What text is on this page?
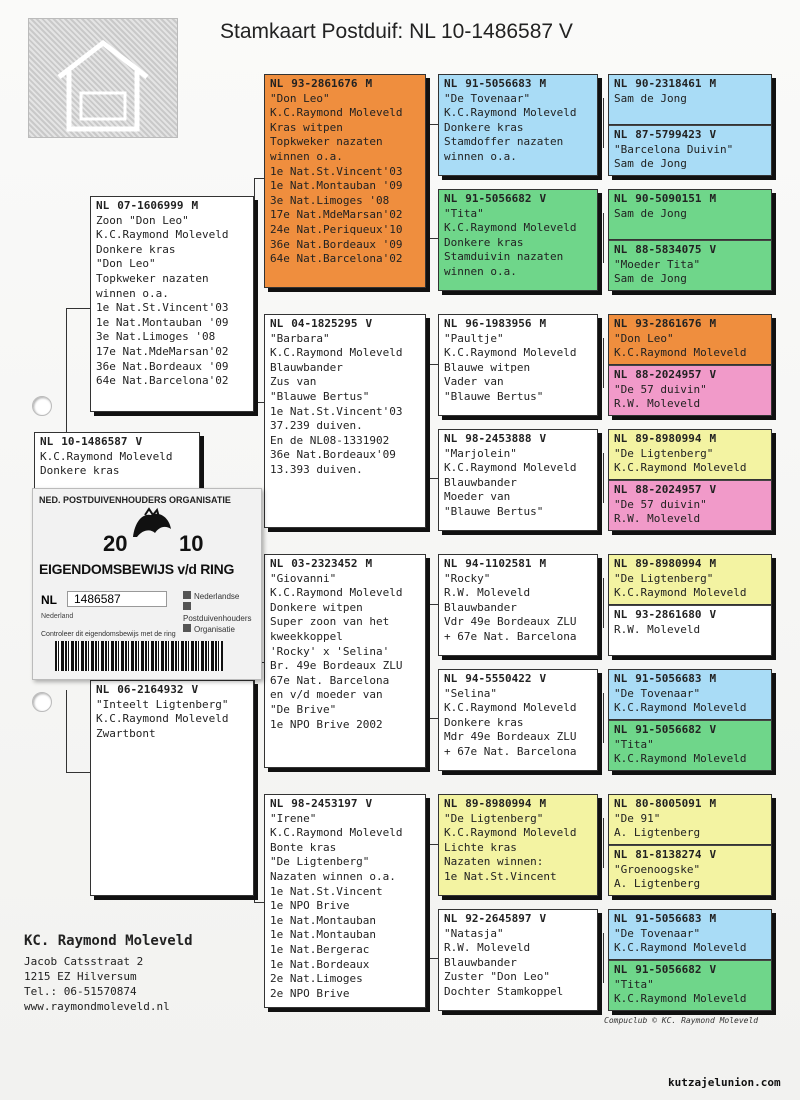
Stamkaart Postduif: NL 10-1486587 V
NL 10-1486587 V
K.C.Raymond Moleveld
Donkere kras
NL 07-1606999 M
Zoon "Don Leo"
K.C.Raymond Moleveld
Donkere kras
"Don Leo"
Topkweker nazaten
winnen o.a.
1e Nat.St.Vincent'03
1e Nat.Montauban '09
3e Nat.Limoges '08
17e Nat.MdeMarsan'02
36e Nat.Bordeaux '09
64e Nat.Barcelona'02
NL 06-2164932 V
"Inteelt Ligtenberg"
K.C.Raymond Moleveld
Zwartbont
NL 93-2861676 M
"Don Leo"
K.C.Raymond Moleveld
Kras witpen
Topkweker nazaten
winnen o.a.
1e Nat.St.Vincent'03
1e Nat.Montauban '09
3e Nat.Limoges '08
17e Nat.MdeMarsan'02
24e Nat.Periqueux'10
36e Nat.Bordeaux '09
64e Nat.Barcelona'02
NL 04-1825295 V
"Barbara"
K.C.Raymond Moleveld
Blauwbander
Zus van
"Blauwe Bertus"
1e Nat.St.Vincent'03
37.239 duiven.
En de NL08-1331902
36e Nat.Bordeaux'09
13.393 duiven.
NL 03-2323452 M
"Giovanni"
K.C.Raymond Moleveld
Donkere witpen
Super zoon van het
kweekkoppel
'Rocky' x 'Selina'
Br. 49e Bordeaux ZLU
67e Nat. Barcelona
en v/d moeder van
"De Brive"
1e NPO Brive 2002
NL 98-2453197 V
"Irene"
K.C.Raymond Moleveld
Bonte kras
"De Ligtenberg"
Nazaten winnen o.a.
1e Nat.St.Vincent
1e NPO Brive
1e Nat.Montauban
1e Nat.Montauban
1e Nat.Bergerac
1e Nat.Bordeaux
2e Nat.Limoges
2e NPO Brive
NL 91-5056683 M
"De Tovenaar"
K.C.Raymond Moleveld
Donkere kras
Stamdoffer nazaten
winnen o.a.
NL 91-5056682 V
"Tita"
K.C.Raymond Moleveld
Donkere kras
Stamduivin nazaten
winnen o.a.
NL 96-1983956 M
"Paultje"
K.C.Raymond Moleveld
Blauwe witpen
Vader van
"Blauwe Bertus"
NL 98-2453888 V
"Marjolein"
K.C.Raymond Moleveld
Blauwbander
Moeder van
"Blauwe Bertus"
NL 94-1102581 M
"Rocky"
R.W. Moleveld
Blauwbander
Vdr 49e Bordeaux ZLU
+ 67e Nat. Barcelona
NL 94-5550422 V
"Selina"
K.C.Raymond Moleveld
Donkere kras
Mdr 49e Bordeaux ZLU
+ 67e Nat. Barcelona
NL 89-8980994 M
"De Ligtenberg"
K.C.Raymond Moleveld
Lichte kras
Nazaten winnen:
1e Nat.St.Vincent
NL 92-2645897 V
"Natasja"
R.W. Moleveld
Blauwbander
Zuster "Don Leo"
Dochter Stamkoppel
NL 90-2318461 M
Sam de Jong
NL 87-5799423 V
"Barcelona Duivin"
Sam de Jong
NL 90-5090151 M
Sam de Jong
NL 88-5834075 V
"Moeder Tita"
Sam de Jong
NL 93-2861676 M
"Don Leo"
K.C.Raymond Moleveld
NL 88-2024957 V
"De 57 duivin"
R.W. Moleveld
NL 89-8980994 M
"De Ligtenberg"
K.C.Raymond Moleveld
NL 88-2024957 V
"De 57 duivin"
R.W. Moleveld
NL 89-8980994 M
"De Ligtenberg"
K.C.Raymond Moleveld
NL 93-2861680 V
R.W. Moleveld
NL 91-5056683 M
"De Tovenaar"
K.C.Raymond Moleveld
NL 91-5056682 V
"Tita"
K.C.Raymond Moleveld
NL 80-8005091 M
"De 91"
A. Ligtenberg
NL 81-8138274 V
"Groenoogske"
A. Ligtenberg
NL 91-5056683 M
"De Tovenaar"
K.C.Raymond Moleveld
NL 91-5056682 V
"Tita"
K.C.Raymond Moleveld
NED. POSTDUIVENHOUDERS ORGANISATIE
20 10
EIGENDOMSBEWIJS v/d RING
NL	1486587
Nederland
Nederlandse
Postduivenhouders
Organisatie
Controleer dit eigendomsbewijs met de ring
KC. Raymond Moleveld
Jacob Catsstraat 2
1215 EZ Hilversum
Tel.: 06-51570874
www.raymondmoleveld.nl
Compuclub © KC. Raymond Moleveld
kutzajelunion.com
